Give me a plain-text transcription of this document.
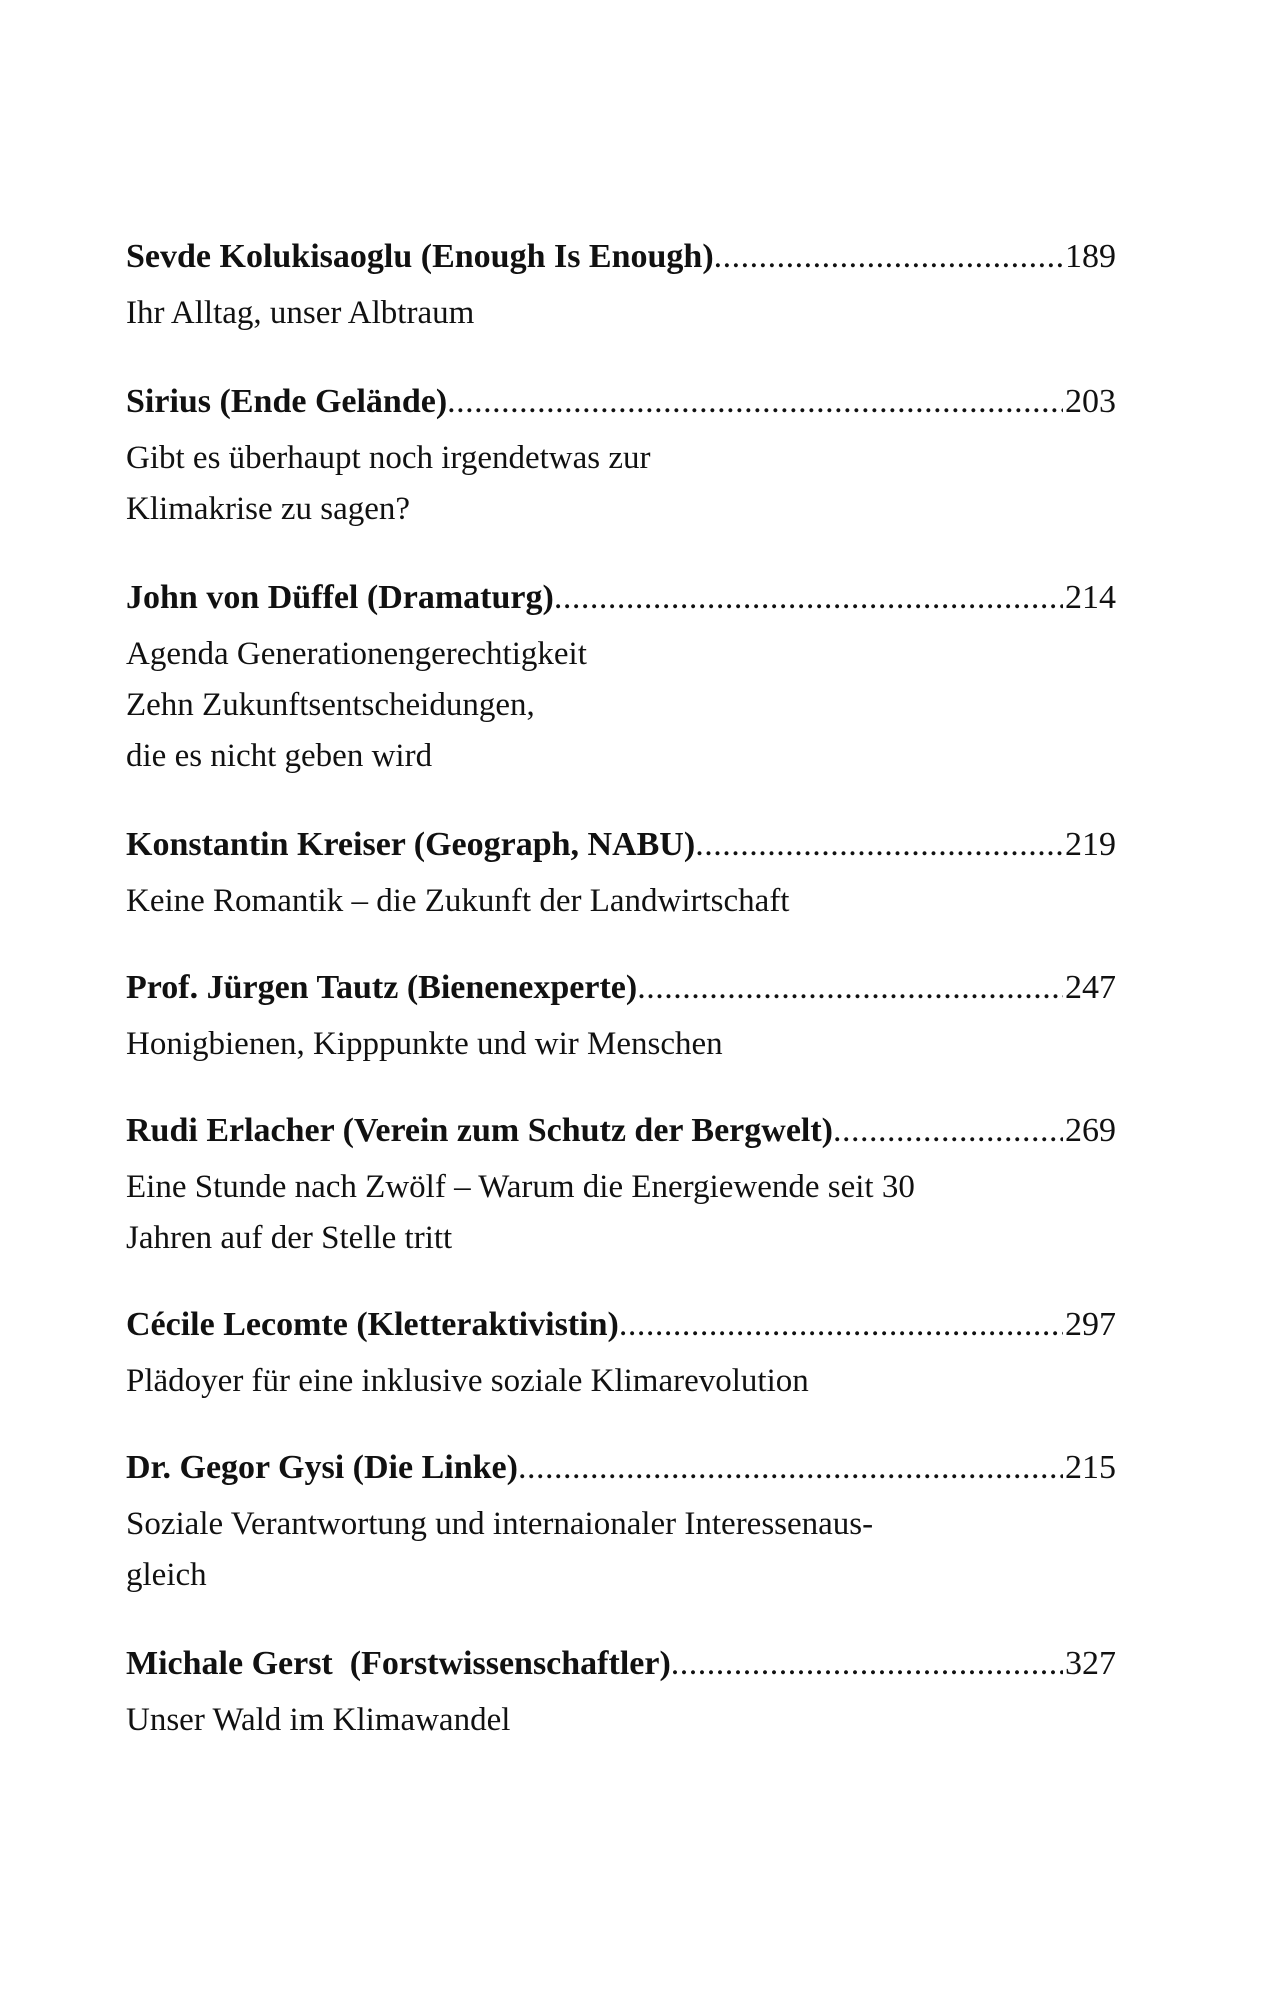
Sevde Kolukisaoglu (Enough Is Enough) .....	189
Ihr Alltag, unser Albtraum
Sirius (Ende Gelände) .....	203
Gibt es überhaupt noch irgendetwas zur
Klimakrise zu sagen?
John von Düffel (Dramaturg) .....	214
Agenda Generationengerechtigkeit
Zehn Zukunftsentscheidungen,
die es nicht geben wird
Konstantin Kreiser (Geograph, NABU) .....	219
Keine Romantik – die Zukunft der Landwirtschaft
Prof. Jürgen Tautz (Bienenexperte) .....	247
Honigbienen, Kipppunkte und wir Menschen
Rudi Erlacher (Verein zum Schutz der Bergwelt) .....	269
Eine Stunde nach Zwölf – Warum die Energiewende seit 30
Jahren auf der Stelle tritt
Cécile Lecomte (Kletteraktivistin) .....	297
Plädoyer für eine inklusive soziale Klimarevolution
Dr. Gegor Gysi (Die Linke) .....	215
Soziale Verantwortung und internaionaler Interessenaus-
gleich
Michale Gerst  (Forstwissenschaftler) .....	327
Unser Wald im Klimawandel
